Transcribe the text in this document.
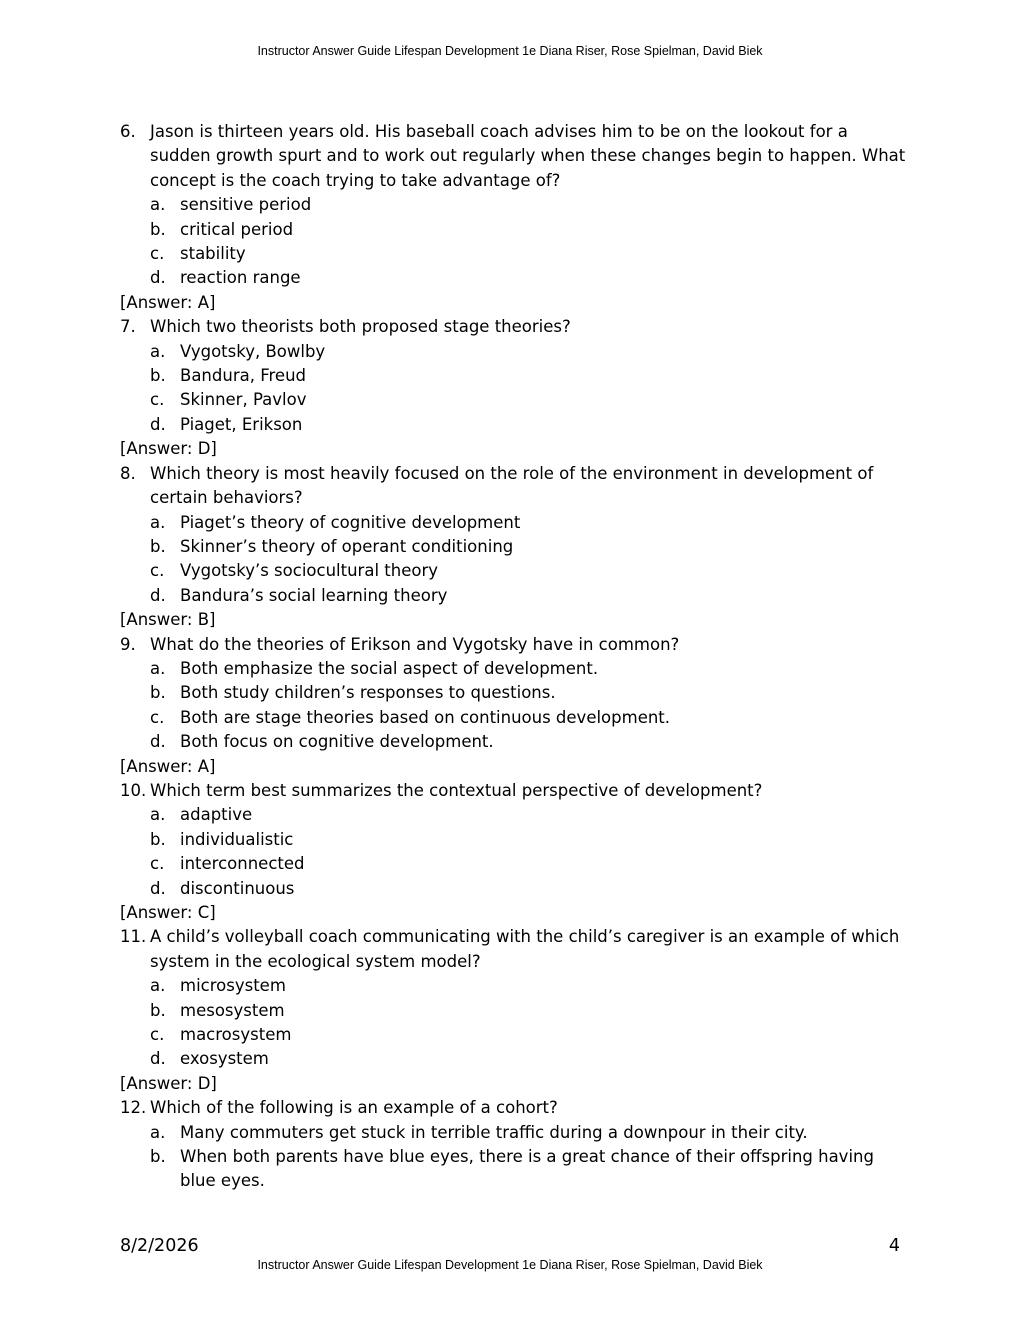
Instructor Answer Guide Lifespan Development 1e Diana Riser, Rose Spielman, David Biek
6. Jason is thirteen years old. His baseball coach advises him to be on the lookout for a sudden growth spurt and to work out regularly when these changes begin to happen. What concept is the coach trying to take advantage of?
a. sensitive period
b. critical period
c. stability
d. reaction range
[Answer: A]
7. Which two theorists both proposed stage theories?
a. Vygotsky, Bowlby
b. Bandura, Freud
c. Skinner, Pavlov
d. Piaget, Erikson
[Answer: D]
8. Which theory is most heavily focused on the role of the environment in development of certain behaviors?
a. Piaget’s theory of cognitive development
b. Skinner’s theory of operant conditioning
c. Vygotsky’s sociocultural theory
d. Bandura’s social learning theory
[Answer: B]
9. What do the theories of Erikson and Vygotsky have in common?
a. Both emphasize the social aspect of development.
b. Both study children’s responses to questions.
c. Both are stage theories based on continuous development.
d. Both focus on cognitive development.
[Answer: A]
10. Which term best summarizes the contextual perspective of development?
a. adaptive
b. individualistic
c. interconnected
d. discontinuous
[Answer: C]
11. A child’s volleyball coach communicating with the child’s caregiver is an example of which system in the ecological system model?
a. microsystem
b. mesosystem
c. macrosystem
d. exosystem
[Answer: D]
12. Which of the following is an example of a cohort?
a. Many commuters get stuck in terrible traffic during a downpour in their city.
b. When both parents have blue eyes, there is a great chance of their offspring having blue eyes.
8/2/2026	4
Instructor Answer Guide Lifespan Development 1e Diana Riser, Rose Spielman, David Biek
